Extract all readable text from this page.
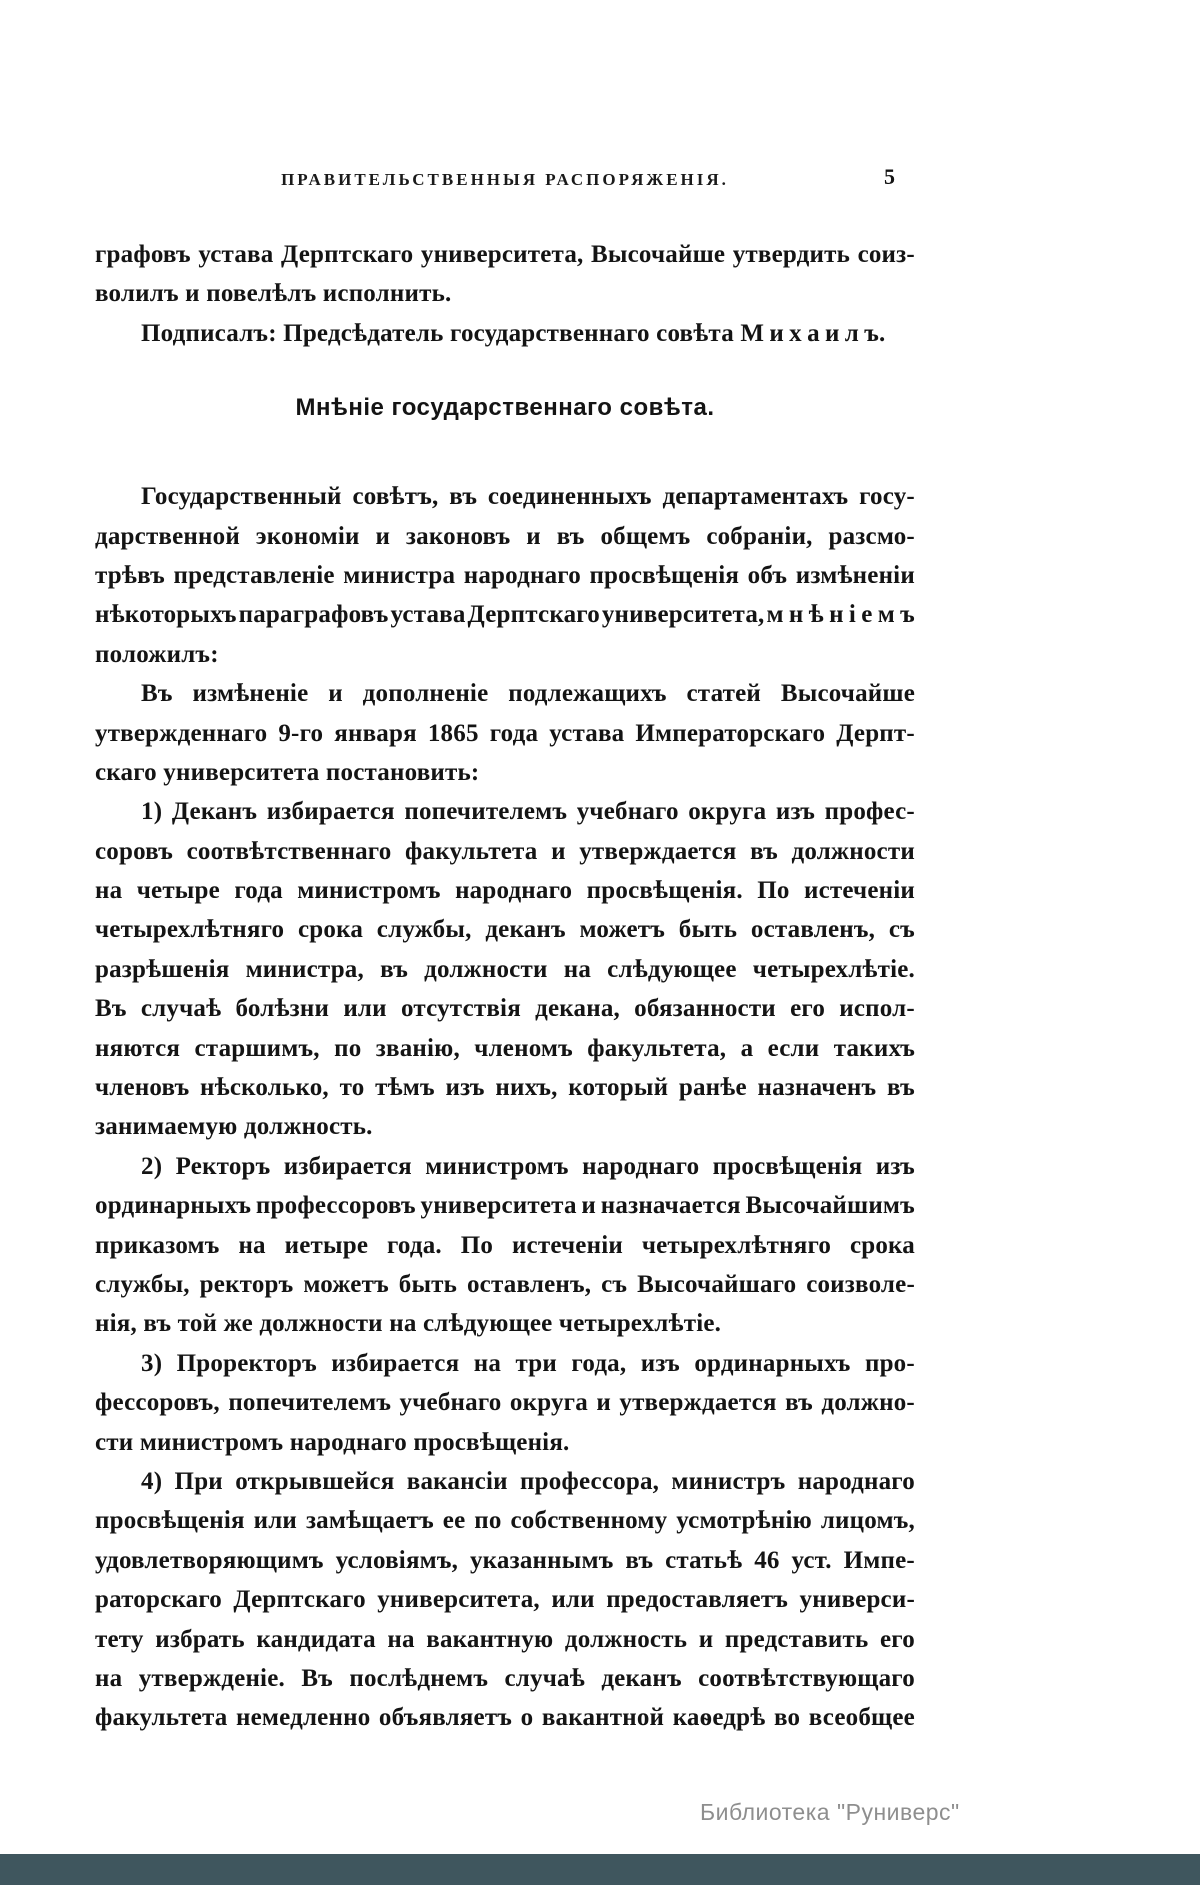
ПРАВИТЕЛЬСТВЕННЫЯ РАСПОРЯЖЕНІЯ.	5
графовъ устава Дерптскаго университета, Высочайше утвердить соиз-
волилъ и повелѣлъ исполнить.
Подписалъ: Предсѣдатель государственнаго совѣта М и х а и л ъ.
Мнѣніе государственнаго совѣта.
Государственный совѣтъ, въ соединенныхъ департаментахъ госу-
дарственной экономіи и законовъ и въ общемъ собраніи, разсмо-
трѣвъ представленіе министра народнаго просвѣщенія объ измѣненіи
нѣкоторыхъ параграфовъ устава Дерптскаго университета, м н ѣ н і е м ъ
положилъ:
Въ измѣненіе и дополненіе подлежащихъ статей Высочайше
утвержденнаго 9-го января 1865 года устава Императорскаго Дерпт-
скаго университета постановить:
1) Деканъ избирается попечителемъ учебнаго округа изъ профес-
соровъ соотвѣтственнаго факультета и утверждается въ должности
на четыре года министромъ народнаго просвѣщенія. По истеченіи
четырехлѣтняго срока службы, деканъ можетъ быть оставленъ, съ
разрѣшенія министра, въ должности на слѣдующее четырехлѣтіе.
Въ случаѣ болѣзни или отсутствія декана, обязанности его испол-
няются старшимъ, по званію, членомъ факультета, а если такихъ
членовъ нѣсколько, то тѣмъ изъ нихъ, который ранѣе назначенъ въ
занимаемую должность.
2) Ректоръ избирается министромъ народнаго просвѣщенія изъ
ординарныхъ профессоровъ университета и назначается Высочайшимъ
приказомъ на иетыре года. По истеченіи четырехлѣтняго срока
службы, ректоръ можетъ быть оставленъ, съ Высочайшаго соизволе-
нія, въ той же должности на слѣдующее четырехлѣтіе.
3) Проректоръ избирается на три года, изъ ординарныхъ про-
фессоровъ, попечителемъ учебнаго округа и утверждается въ должно-
сти министромъ народнаго просвѣщенія.
4) При открывшейся вакансіи профессора, министръ народнаго
просвѣщенія или замѣщаетъ ее по собственному усмотрѣнію лицомъ,
удовлетворяющимъ условіямъ, указаннымъ въ статьѣ 46 уст. Импе-
раторскаго Дерптскаго университета, или предоставляетъ универси-
тету избрать кандидата на вакантную должность и представить его
на утвержденіе. Въ послѣднемъ случаѣ деканъ соотвѣтствующаго
факультета немедленно объявляетъ о вакантной каѳедрѣ во всеобщее
Библиотека "Руниверс"
